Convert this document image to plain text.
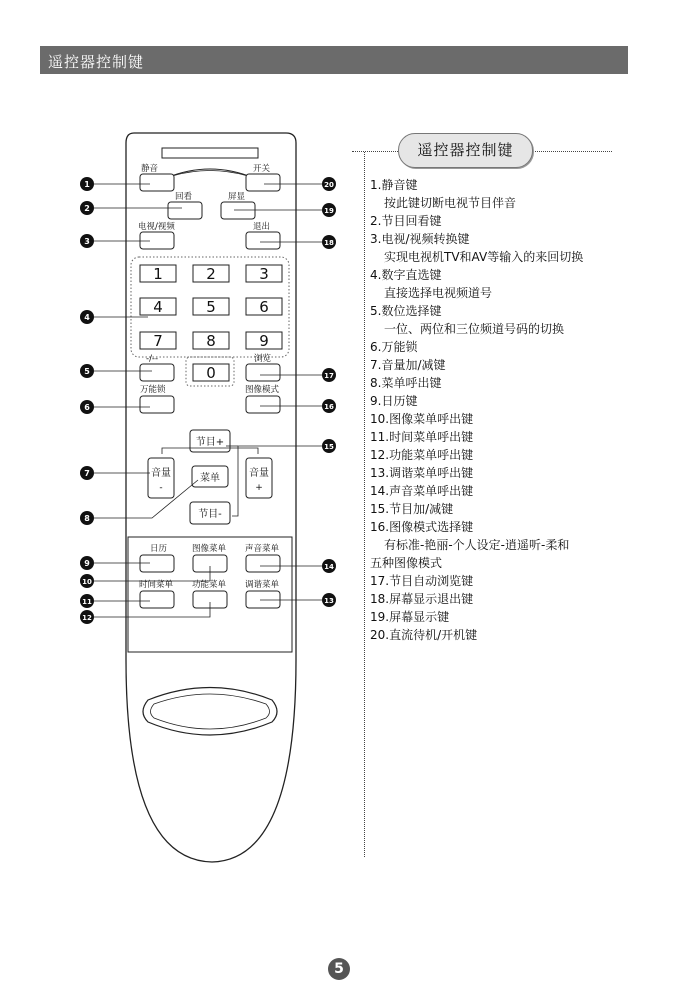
遥控器控制键
静音	开关
回看	屏显
电视/视频	退出
1	2	3
4	5	6
7	8	9
0
-/--	浏览
万能锁	图像模式
节目+
节目-
音量
-
音量
+
菜单
日历	图像菜单 声音菜单
时间菜单 功能菜单 调谐菜单
1
2
3
4
5
6
7
8
9
10
11
12
13
14
15
16
17
18
19
20
遥控器控制键
1.静音键
按此键切断电视节目伴音
2.节目回看键
3.电视/视频转换键
实现电视机TV和AV等输入的来回切换
4.数字直选键
直接选择电视频道号
5.数位选择键
一位、两位和三位频道号码的切换
6.万能锁
7.音量加/减键
8.菜单呼出键
9.日历键
10.图像菜单呼出键
11.时间菜单呼出键
12.功能菜单呼出键
13.调谐菜单呼出键
14.声音菜单呼出键
15.节目加/减键
16.图像模式选择键
有标准-艳丽-个人设定-逍遥听-柔和
五种图像模式
17.节目自动浏览键
18.屏幕显示退出键
19.屏幕显示键
20.直流待机/开机键
5
